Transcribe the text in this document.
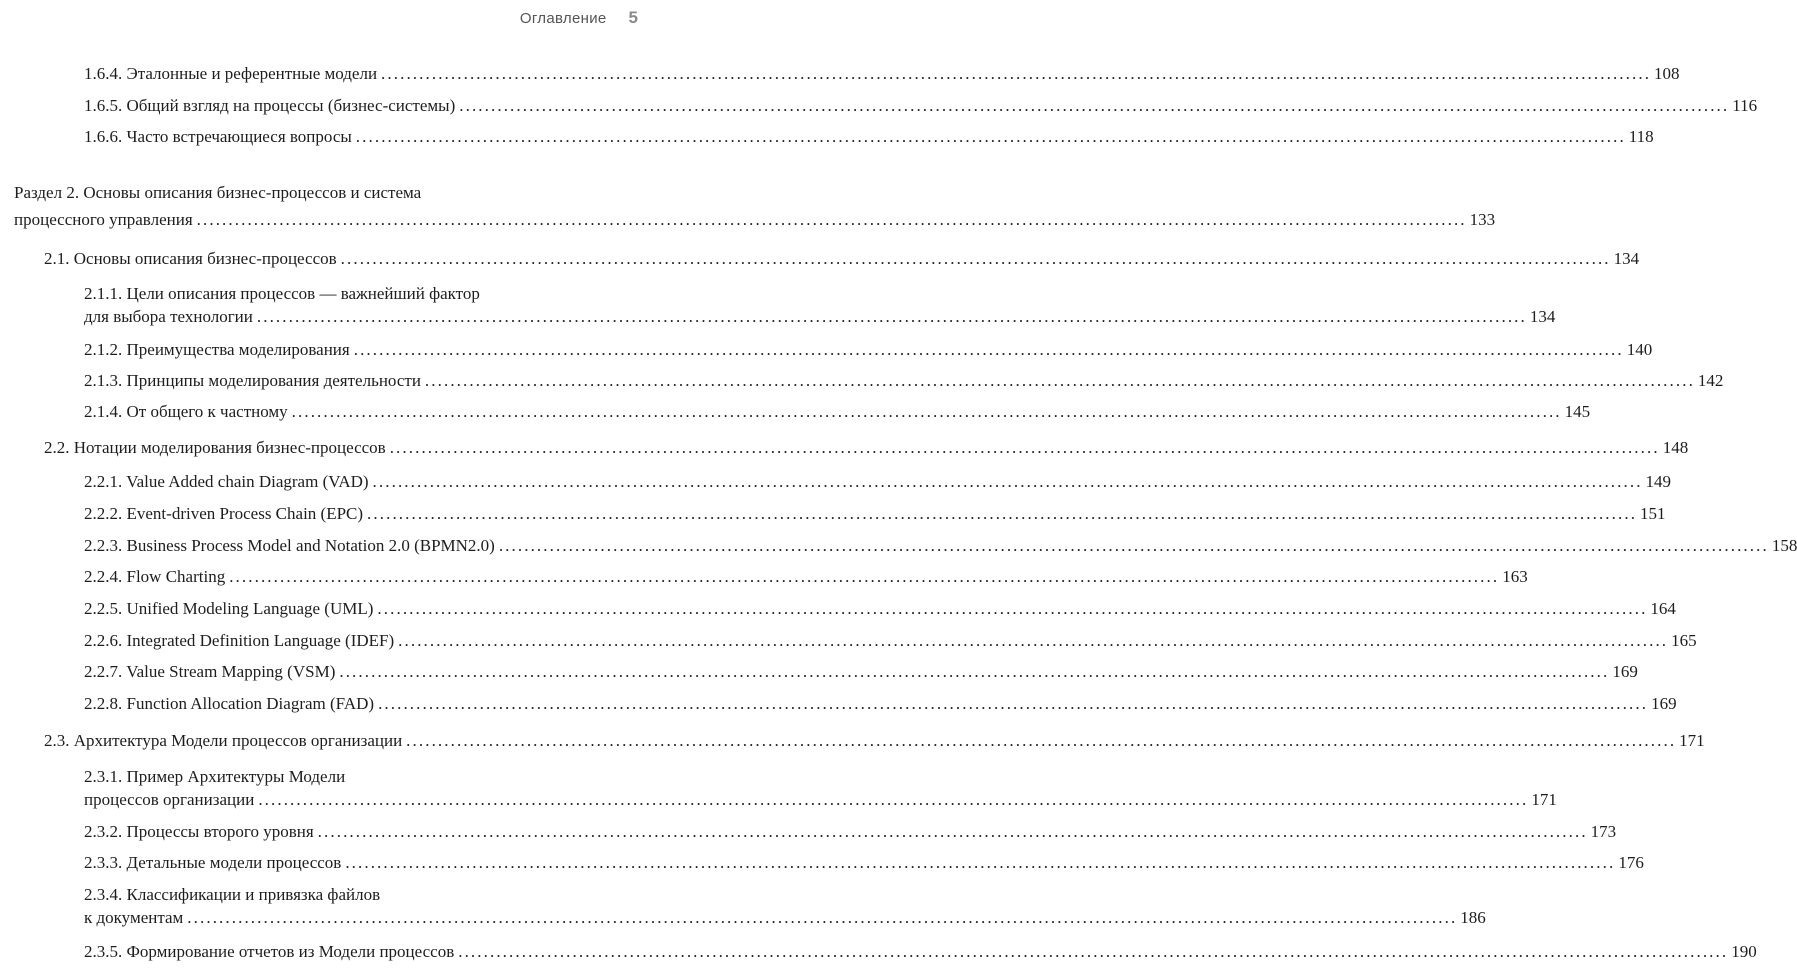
Оглавление 5
1.6.4. Эталонные и референтные модели ........................................................................................................................................................................................................ 108
1.6.5. Общий взгляд на процессы (бизнес-системы) ........................................................................................................................................................................................................ 116
1.6.6. Часто встречающиеся вопросы ........................................................................................................................................................................................................ 118
Раздел 2. Основы описания бизнес-процессов и система
процессного управления ........................................................................................................................................................................................................ 133
2.1. Основы описания бизнес-процессов ........................................................................................................................................................................................................ 134
2.1.1. Цели описания процессов — важнейший фактор
для выбора технологии ........................................................................................................................................................................................................ 134
2.1.2. Преимущества моделирования ........................................................................................................................................................................................................ 140
2.1.3. Принципы моделирования деятельности ........................................................................................................................................................................................................ 142
2.1.4. От общего к частному ........................................................................................................................................................................................................ 145
2.2. Нотации моделирования бизнес-процессов ........................................................................................................................................................................................................ 148
2.2.1. Value Added chain Diagram (VAD) ........................................................................................................................................................................................................ 149
2.2.2. Event-driven Process Chain (EPC) ........................................................................................................................................................................................................ 151
2.2.3. Business Process Model and Notation 2.0 (BPMN2.0) ........................................................................................................................................................................................................ 158
2.2.4. Flow Charting ........................................................................................................................................................................................................ 163
2.2.5. Unified Modeling Language (UML) ........................................................................................................................................................................................................ 164
2.2.6. Integrated Definition Language (IDEF) ........................................................................................................................................................................................................ 165
2.2.7. Value Stream Mapping (VSM) ........................................................................................................................................................................................................ 169
2.2.8. Function Allocation Diagram (FAD) ........................................................................................................................................................................................................ 169
2.3. Архитектура Модели процессов организации ........................................................................................................................................................................................................ 171
2.3.1. Пример Архитектуры Модели
процессов организации ........................................................................................................................................................................................................ 171
2.3.2. Процессы второго уровня ........................................................................................................................................................................................................ 173
2.3.3. Детальные модели процессов ........................................................................................................................................................................................................ 176
2.3.4. Классификации и привязка файлов
к документам ........................................................................................................................................................................................................ 186
2.3.5. Формирование отчетов из Модели процессов ........................................................................................................................................................................................................ 190
